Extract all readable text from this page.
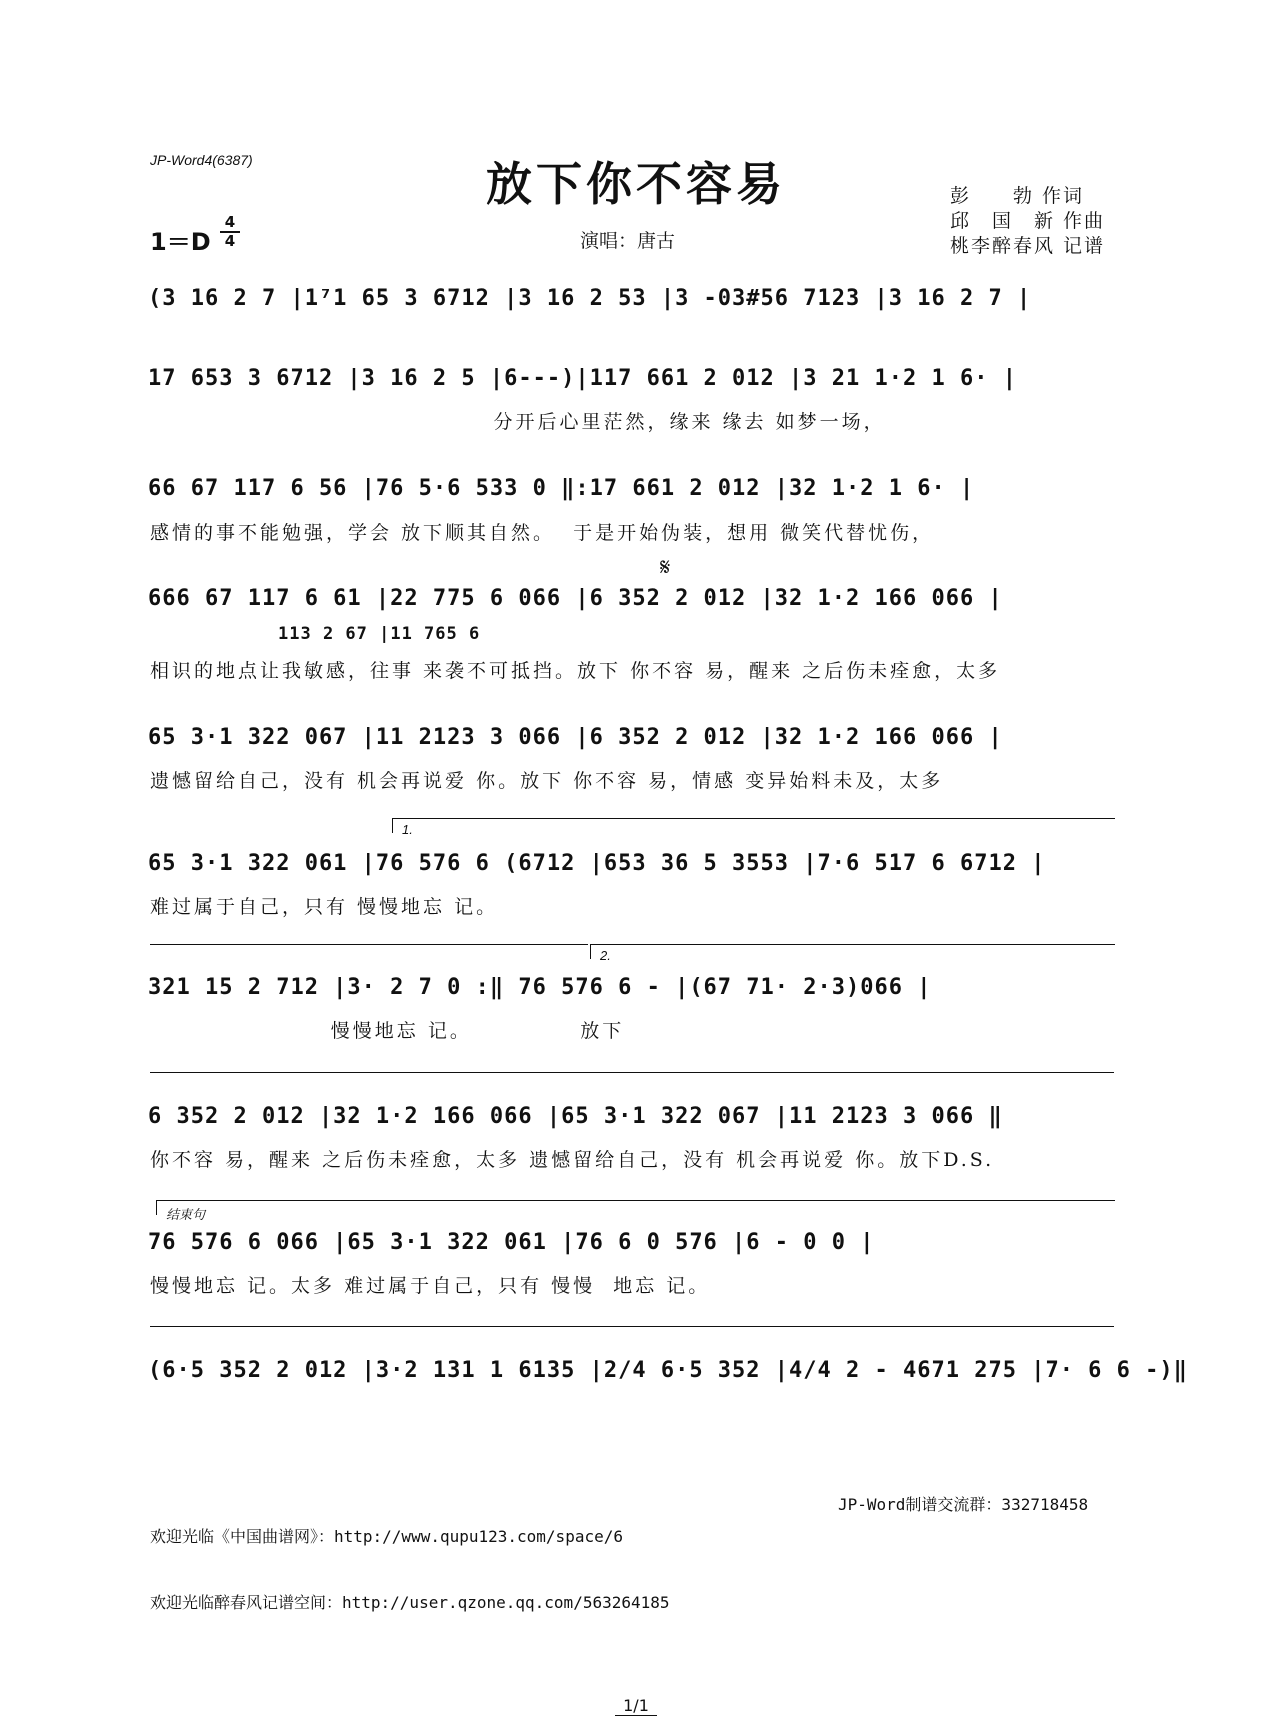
JP-Word4(6387)	放下你不容易
1＝D
4
4	演唱：唐古
彭　　勃 作词
邱　国　新 作曲
桃李醉春风 记谱
(3 16 2 7 |1⁷1 65 3 6712 |3 16 2 53 |3 -03#56 7123 |3 16 2 7 |
17 653 3 6712 |3 16 2 5 |6---)|117 661 2 012 |3 21 1·2 1 6· |
分开后心里茫然，缘来 缘去 如梦一场，
66 67 117 6 56 |76 5·6 533 0 ‖:17 661 2 012 |32 1·2 1 6· |
感情的事不能勉强，学会 放下顺其自然。  于是开始伪装，想用 微笑代替忧伤，
𝄋
666 67 117 6 61 |22 775 6 066 |6 352 2 012 |32 1·2 166 066 |
113 2 67 |11 765 6
相识的地点让我敏感，往事 来袭不可抵挡。放下 你不容 易，醒来 之后伤未痊愈，太多
65 3·1 322 067 |11 2123 3 066 |6 352 2 012 |32 1·2 166 066 |
遗憾留给自己，没有 机会再说爱 你。放下 你不容 易，情感 变异始料未及，太多
1.
65 3·1 322 061 |76 576 6 (6712 |653 36 5 3553 |7·6 517 6 6712 |
难过属于自己，只有 慢慢地忘 记。
2.
321 15 2 712 |3· 2 7 0 :‖ 76 576 6 - |(67 71· 2·3)066 |
慢慢地忘 记。            放下
6 352 2 012 |32 1·2 166 066 |65 3·1 322 067 |11 2123 3 066 ‖
你不容 易，醒来 之后伤未痊愈，太多 遗憾留给自己，没有 机会再说爱 你。放下D.S.
结束句
76 576 6 066 |65 3·1 322 061 |76 6 0 576 |6 - 0 0 |
慢慢地忘 记。太多 难过属于自己，只有 慢慢  地忘 记。
(6·5 352 2 012 |3·2 131 1 6135 |2/4 6·5 352 |4/4 2 - 4671 275 |7· 6 6 -)‖

欢迎光临《中国曲谱网》：http://www.qupu123.com/space/6

欢迎光临醉春风记谱空间：http://user.qzone.qq.com/563264185

JP-Word制谱交流群：332718458
1/1
